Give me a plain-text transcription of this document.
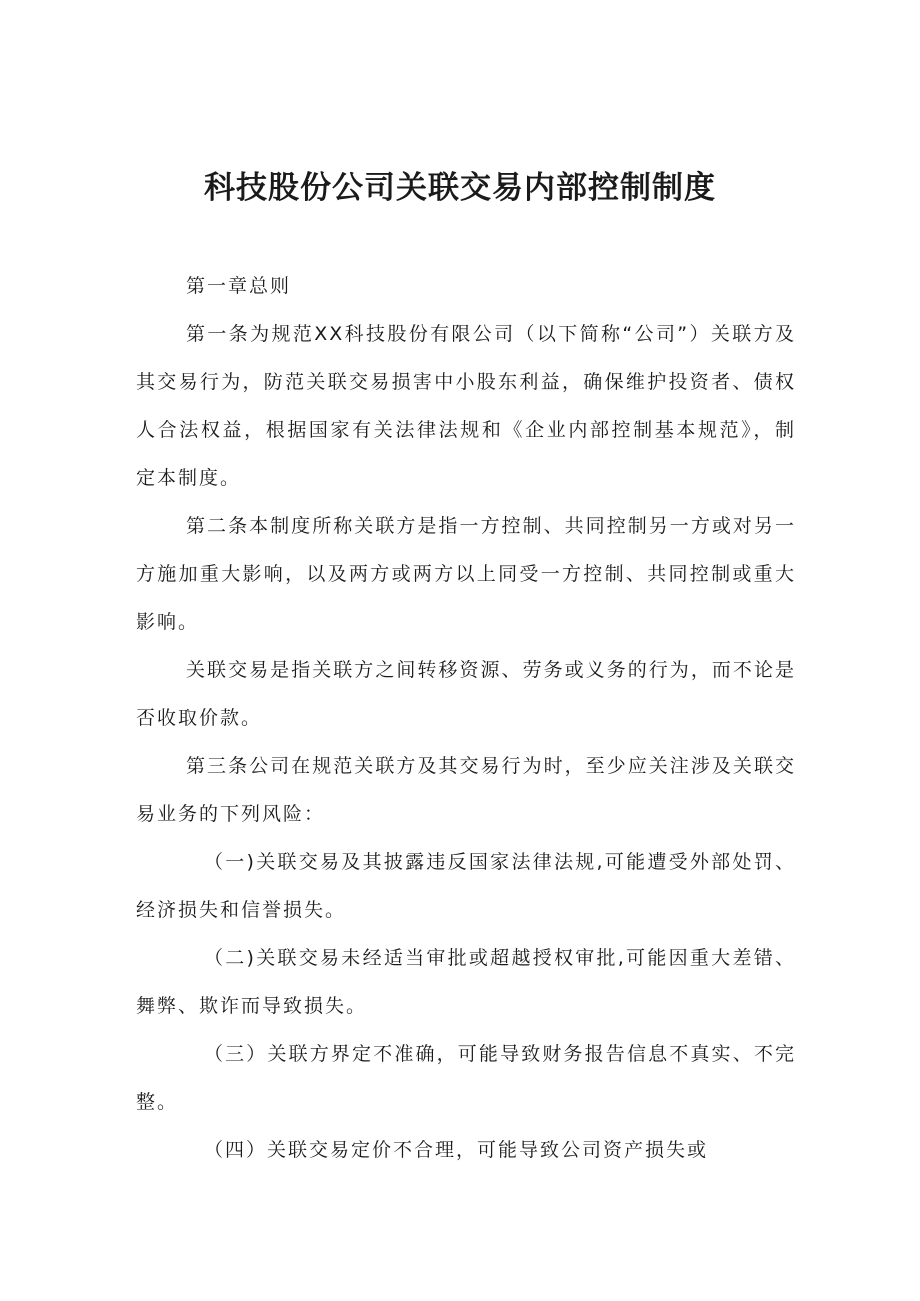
科技股份公司关联交易内部控制制度

第一章总则

第一条为规范XX科技股份有限公司（以下简称“公司”）关联方及其交易行为，防范关联交易损害中小股东利益，确保维护投资者、债权人合法权益，根据国家有关法律法规和《企业内部控制基本规范》，制定本制度。

第二条本制度所称关联方是指一方控制、共同控制另一方或对另一方施加重大影响，以及两方或两方以上同受一方控制、共同控制或重大影响。

关联交易是指关联方之间转移资源、劳务或义务的行为，而不论是否收取价款。

第三条公司在规范关联方及其交易行为时，至少应关注涉及关联交易业务的下列风险：

（一)关联交易及其披露违反国家法律法规,可能遭受外部处罚、经济损失和信誉损失。

（二)关联交易未经适当审批或超越授权审批,可能因重大差错、舞弊、欺诈而导致损失。

（三）关联方界定不准确，可能导致财务报告信息不真实、不完整。

（四）关联交易定价不合理，可能导致公司资产损失或
